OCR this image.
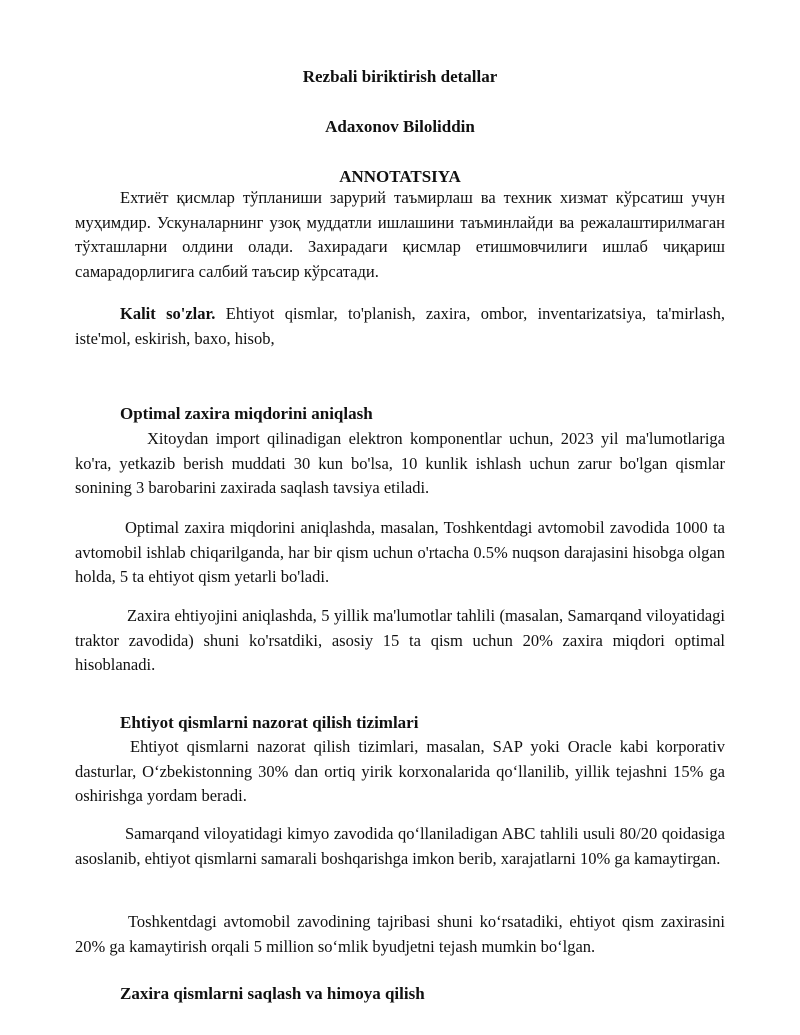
Rezbali biriktirish detallar
Adaxonov Biloliddin
ANNOTATSIYA
Ехтиёт қисмлар тўпланиши зарурий таъмирлаш ва техник хизмат кўрсатиш учун муҳимдир. Ускуналарнинг узоқ муддатли ишлашини таъминлайди ва режалаштирилмаган тўхташларни олдини олади. Захирадаги қисмлар етишмовчилиги ишлаб чиқариш самарадорлигига салбий таъсир кўрсатади.
Kalit so'zlar. Ehtiyot qismlar, to'planish, zaxira, ombor, inventarizatsiya, ta'mirlash, iste'mol, eskirish, baxo, hisob,
Optimal zaxira miqdorini aniqlash
Xitoydan import qilinadigan elektron komponentlar uchun, 2023 yil ma'lumotlariga ko'ra, yetkazib berish muddati 30 kun bo'lsa, 10 kunlik ishlash uchun zarur bo'lgan qismlar sonining 3 barobarini zaxirada saqlash tavsiya etiladi.
Optimal zaxira miqdorini aniqlashda, masalan, Toshkentdagi avtomobil zavodida 1000 ta avtomobil ishlab chiqarilganda, har bir qism uchun o'rtacha 0.5% nuqson darajasini hisobga olgan holda, 5 ta ehtiyot qism yetarli bo'ladi.
Zaxira ehtiyojini aniqlashda, 5 yillik ma'lumotlar tahlili (masalan, Samarqand viloyatidagi traktor zavodida) shuni ko'rsatdiki, asosiy 15 ta qism uchun 20% zaxira miqdori optimal hisoblanadi.
Ehtiyot qismlarni nazorat qilish tizimlari
Ehtiyot qismlarni nazorat qilish tizimlari, masalan, SAP yoki Oracle kabi korporativ dasturlar, O‘zbekistonning 30% dan ortiq yirik korxonalarida qo‘llanilib, yillik tejashni 15% ga oshirishga yordam beradi.
Samarqand viloyatidagi kimyo zavodida qo‘llaniladigan ABC tahlili usuli 80/20 qoidasiga asoslanib, ehtiyot qismlarni samarali boshqarishga imkon berib, xarajatlarni 10% ga kamaytirgan.
Toshkentdagi avtomobil zavodining tajribasi shuni ko‘rsatadiki, ehtiyot qism zaxirasini 20% ga kamaytirish orqali 5 million so‘mlik byudjetni tejash mumkin bo‘lgan.
Zaxira qismlarni saqlash va himoya qilish
